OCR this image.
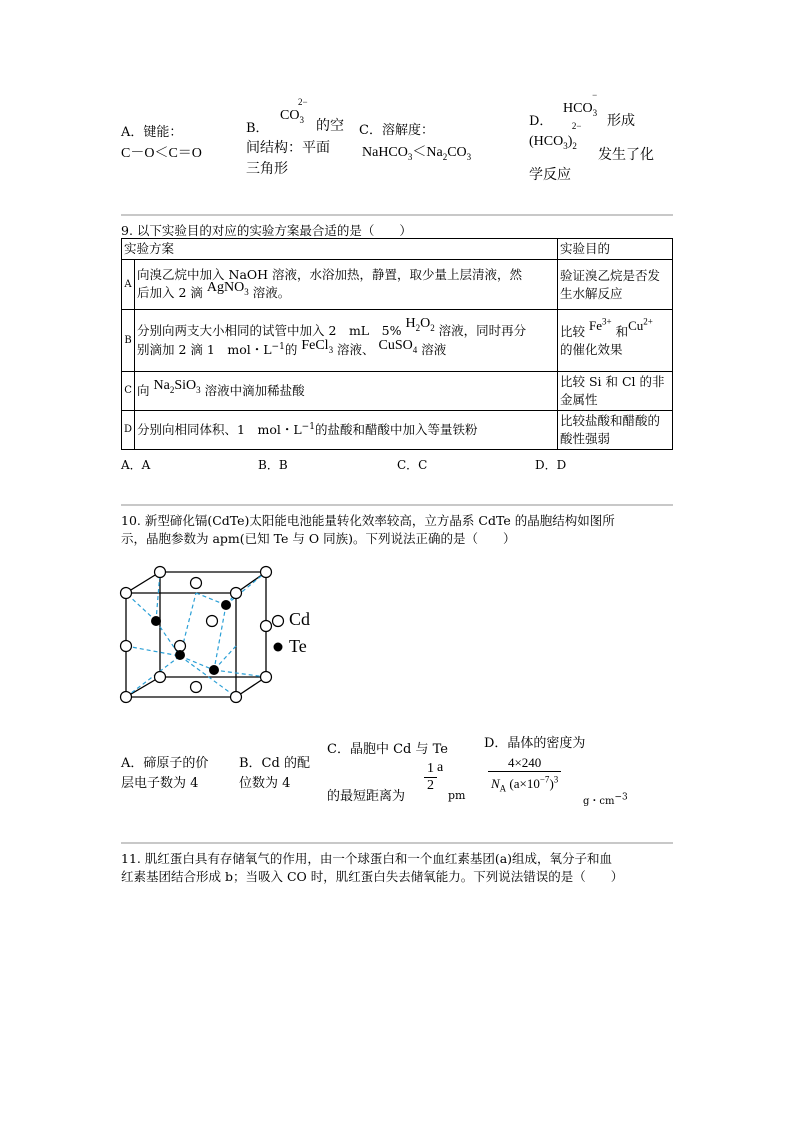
A．键能：
C－O＜C＝O
B．
$CO_3^{2-}$
的空
间结构：平面
三角形
C．溶解度：
$NaHCO_3<Na_2CO_3$
D．
$HCO_3^-$
形成
$(HCO_3)_2^{2-}$
发生了化
学反应
9. 以下实验目的对应的实验方案最合适的是（　　）
实验方案		实验目的
A	向溴乙烷中加入 NaOH 溶液，水浴加热，静置，取少量上层清液，然
后加入 2 滴 AgNO$_3$ 溶液。	验证溴乙烷是否发生水解反应
B	分别向两支大小相同的试管中加入 2　mL　5% $H_2O_2$ 溶液，同时再分
别滴加 2 滴 1　mol・$L^{-1}$的 FeCl$_3$ 溶液、 CuSO$_4$ 溶液	比较 $Fe^{3+}$ 和$Cu^{2+}$
的催化效果
C	向 $Na_2SiO_3$ 溶液中滴加稀盐酸	比较 Si 和 Cl 的非金属性
D	分别向相同体积、1　mol・$L^{-1}$的盐酸和醋酸中加入等量铁粉	比较盐酸和醋酸的酸性强弱
A．A	B．B	C．C	D．D
10. 新型碲化镉(CdTe)太阳能电池能量转化效率较高，立方晶系 CdTe 的晶胞结构如图所
示，晶胞参数为 apm(已知 Te 与 O 同族)。下列说法正确的是（　　）
Cd
Te
A．碲原子的价
层电子数为 4
B．Cd 的配
位数为 4
C．晶胞中 Cd 与 Te
的最短距离为
$\frac{1}{2}$ a
pm
D．晶体的密度为
$\frac{4\times 240}{N_A (a\times 10^{-7})^3}$
g・$cm^{-3}$
11. 肌红蛋白具有存储氧气的作用，由一个球蛋白和一个血红素基团(a)组成，氧分子和血
红素基团结合形成 b；当吸入 CO 时，肌红蛋白失去储氧能力。下列说法错误的是（　　）
